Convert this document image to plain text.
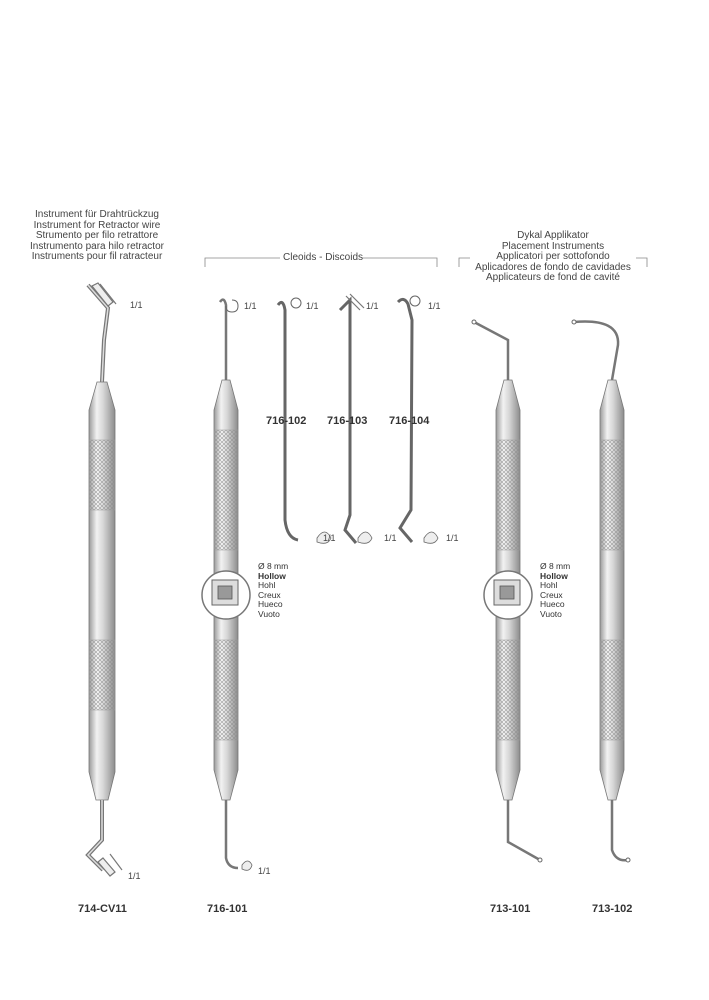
Instrument für Drahtrückzug
Instrument for Retractor wire
Strumento per filo retrattore
Instrumento para hilo retractor
Instruments pour fil ratracteur	Cleoids - Discoids
Dykal Applikator
Placement Instruments
Applicatori per sottofondo
Aplicadores de fondo de cavidades
Applicateurs de fond de cavité
1/1	1/1	1/1	1/1	1/1
1/1	1/1	1/1
1/1
1/1
716-102 716-103 716-104
Ø 8 mm
Hollow
Hohl
Creux
Hueco
Vuoto
Ø 8 mm
Hollow
Hohl
Creux
Hueco
Vuoto
714-CV11	716-101	713-101	713-102
